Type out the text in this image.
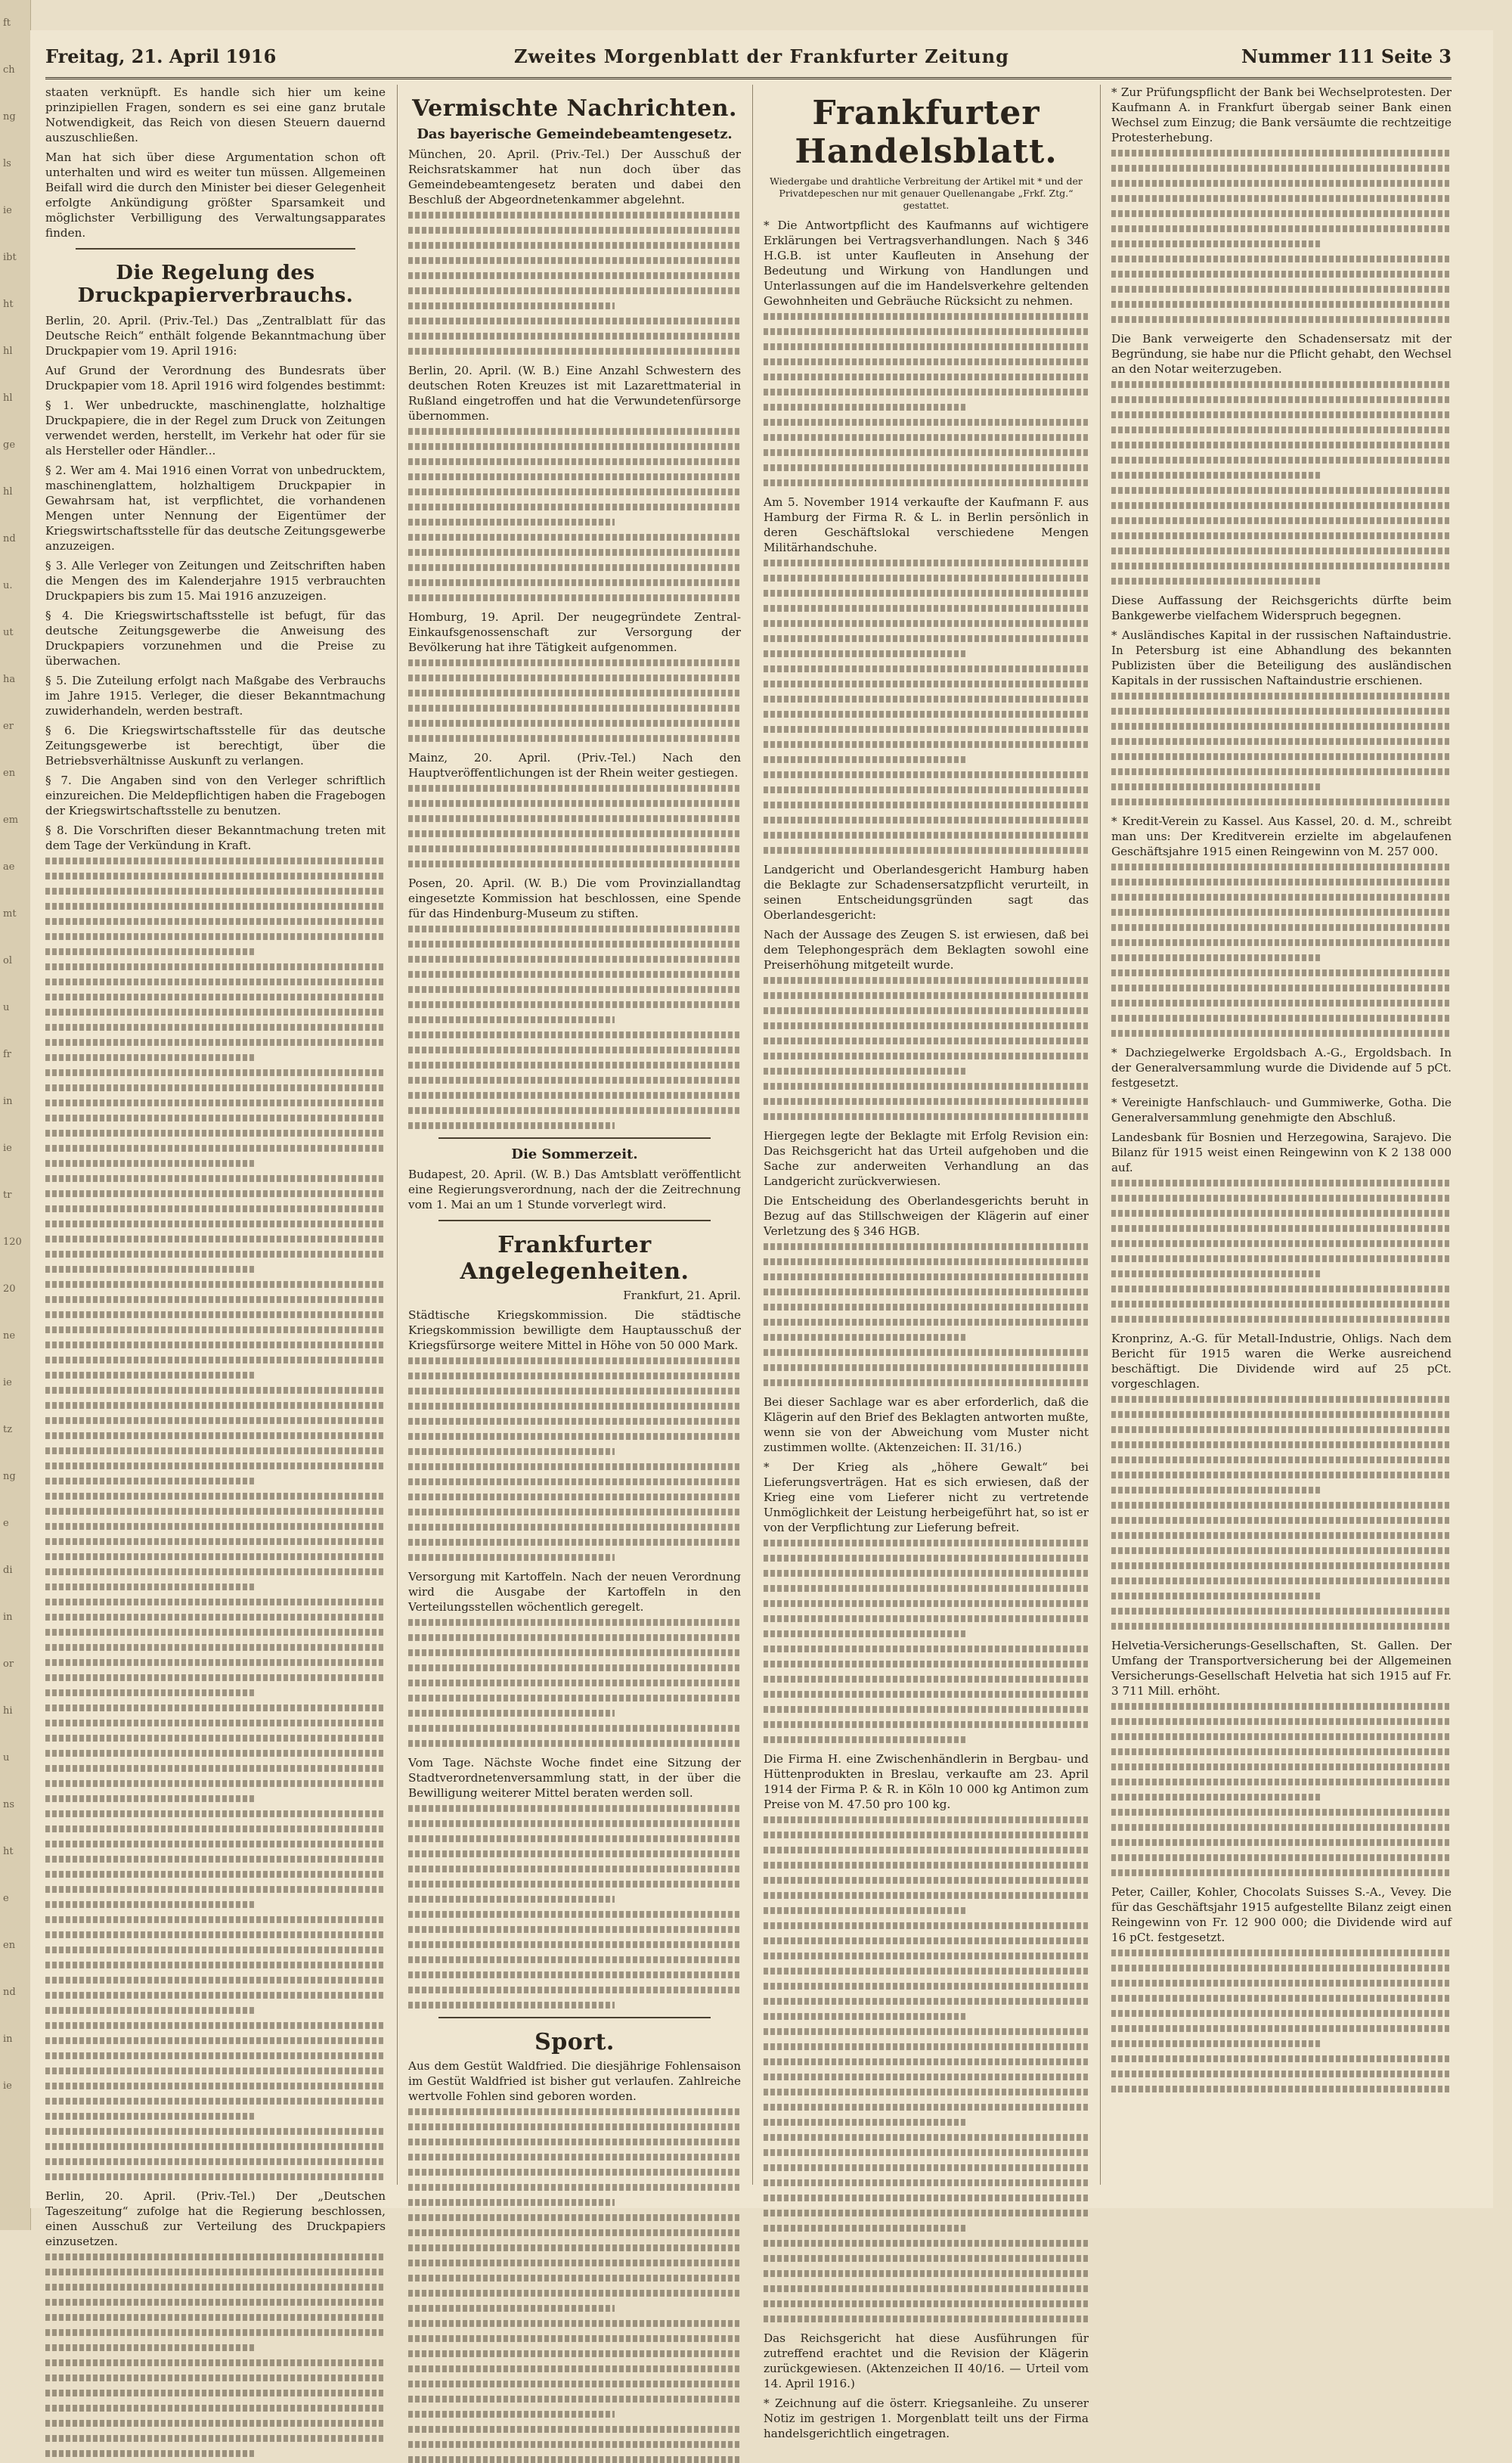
ft
ch
ng
ls
ie
ibt
ht
hl
hl
ge
hl
nd
u.
ut
ha
er
en
em
ae
mt
ol
u
fr
in
ie
tr
120
20
ne
ie
tz
ng
e
di
in
or
hi
u
ns
ht
e
en
nd
in
ie
Freitag, 21. April 1916	Zweites Morgenblatt der Frankfurter Zeitung	Nummer 111 Seite 3

staaten verknüpft. Es handle sich hier um keine prinzipiellen Fragen, sondern es sei eine ganz brutale Notwendigkeit, das Reich von diesen Steuern dauernd auszuschließen.

Man hat sich über diese Argumentation schon oft unterhalten und wird es weiter tun müssen. Allgemeinen Beifall wird die durch den Minister bei dieser Gelegenheit erfolgte Ankündigung größter Sparsamkeit und möglichster Verbilligung des Verwaltungsapparates finden.

Die Regelung des Druckpapierverbrauchs.

Berlin, 20. April. (Priv.-Tel.) Das „Zentralblatt für das Deutsche Reich“ enthält folgende Bekanntmachung über Druckpapier vom 19. April 1916:

Auf Grund der Verordnung des Bundesrats über Druckpapier vom 18. April 1916 wird folgendes bestimmt:

§ 1. Wer unbedruckte, maschinenglatte, holzhaltige Druckpapiere, die in der Regel zum Druck von Zeitungen verwendet werden, herstellt, im Verkehr hat oder für sie als Hersteller oder Händler...

§ 2. Wer am 4. Mai 1916 einen Vorrat von unbedrucktem, maschinenglattem, holzhaltigem Druckpapier in Gewahrsam hat, ist verpflichtet, die vorhandenen Mengen unter Nennung der Eigentümer der Kriegswirtschaftsstelle für das deutsche Zeitungsgewerbe anzuzeigen.

§ 3. Alle Verleger von Zeitungen und Zeitschriften haben die Mengen des im Kalenderjahre 1915 verbrauchten Druckpapiers bis zum 15. Mai 1916 anzuzeigen.

§ 4. Die Kriegswirtschaftsstelle ist befugt, für das deutsche Zeitungsgewerbe die Anweisung des Druckpapiers vorzunehmen und die Preise zu überwachen.

§ 5. Die Zuteilung erfolgt nach Maßgabe des Verbrauchs im Jahre 1915. Verleger, die dieser Bekanntmachung zuwiderhandeln, werden bestraft.

§ 6. Die Kriegswirtschaftsstelle für das deutsche Zeitungsgewerbe ist berechtigt, über die Betriebsverhältnisse Auskunft zu verlangen.

§ 7. Die Angaben sind von den Verleger schriftlich einzureichen. Die Meldepflichtigen haben die Fragebogen der Kriegswirtschaftsstelle zu benutzen.

§ 8. Die Vorschriften dieser Bekanntmachung treten mit dem Tage der Verkündung in Kraft.

Berlin, 20. April. (Priv.-Tel.) Der „Deutschen Tageszeitung“ zufolge hat die Regierung beschlossen, einen Ausschuß zur Verteilung des Druckpapiers einzusetzen.

Vermischte Nachrichten.
Das bayerische Gemeindebeamtengesetz.

München, 20. April. (Priv.-Tel.) Der Ausschuß der Reichsratskammer hat nun doch über das Gemeindebeamtengesetz beraten und dabei den Beschluß der Abgeordnetenkammer abgelehnt.

Berlin, 20. April. (W. B.) Eine Anzahl Schwestern des deutschen Roten Kreuzes ist mit Lazarettmaterial in Rußland eingetroffen und hat die Verwundetenfürsorge übernommen.

Homburg, 19. April. Der neugegründete Zentral-Einkaufsgenossenschaft zur Versorgung der Bevölkerung hat ihre Tätigkeit aufgenommen.

Mainz, 20. April. (Priv.-Tel.) Nach den Hauptveröffentlichungen ist der Rhein weiter gestiegen.

Posen, 20. April. (W. B.) Die vom Provinziallandtag eingesetzte Kommission hat beschlossen, eine Spende für das Hindenburg-Museum zu stiften.

Die Sommerzeit.

Budapest, 20. April. (W. B.) Das Amtsblatt veröffentlicht eine Regierungsverordnung, nach der die Zeitrechnung vom 1. Mai an um 1 Stunde vorverlegt wird.

Frankfurter Angelegenheiten.

Frankfurt, 21. April.

Städtische Kriegskommission. Die städtische Kriegskommission bewilligte dem Hauptausschuß der Kriegsfürsorge weitere Mittel in Höhe von 50 000 Mark.

Versorgung mit Kartoffeln. Nach der neuen Verordnung wird die Ausgabe der Kartoffeln in den Verteilungsstellen wöchentlich geregelt.

Vom Tage. Nächste Woche findet eine Sitzung der Stadtverordnetenversammlung statt, in der über die Bewilligung weiterer Mittel beraten werden soll.

Sport.

Aus dem Gestüt Waldfried. Die diesjährige Fohlensaison im Gestüt Waldfried ist bisher gut verlaufen. Zahlreiche wertvolle Fohlen sind geboren worden.

Frankfurter Handelsblatt.

Wiedergabe und drahtliche Verbreitung der Artikel mit * und der Privatdepeschen nur mit genauer Quellenangabe „Frkf. Ztg.“ gestattet.

* Die Antwortpflicht des Kaufmanns auf wichtigere Erklärungen bei Vertragsverhandlungen. Nach § 346 H.G.B. ist unter Kaufleuten in Ansehung der Bedeutung und Wirkung von Handlungen und Unterlassungen auf die im Handelsverkehre geltenden Gewohnheiten und Gebräuche Rücksicht zu nehmen.

Am 5. November 1914 verkaufte der Kaufmann F. aus Hamburg der Firma R. & L. in Berlin persönlich in deren Geschäftslokal verschiedene Mengen Militärhandschuhe.

Landgericht und Oberlandesgericht Hamburg haben die Beklagte zur Schadensersatzpflicht verurteilt, in seinen Entscheidungsgründen sagt das Oberlandesgericht:

Nach der Aussage des Zeugen S. ist erwiesen, daß bei dem Telephongespräch dem Beklagten sowohl eine Preiserhöhung mitgeteilt wurde.

Hiergegen legte der Beklagte mit Erfolg Revision ein: Das Reichsgericht hat das Urteil aufgehoben und die Sache zur anderweiten Verhandlung an das Landgericht zurückverwiesen.

Die Entscheidung des Oberlandesgerichts beruht in Bezug auf das Stillschweigen der Klägerin auf einer Verletzung des § 346 HGB.

Bei dieser Sachlage war es aber erforderlich, daß die Klägerin auf den Brief des Beklagten antworten mußte, wenn sie von der Abweichung vom Muster nicht zustimmen wollte. (Aktenzeichen: II. 31/16.)

* Der Krieg als „höhere Gewalt“ bei Lieferungsverträgen. Hat es sich erwiesen, daß der Krieg eine vom Lieferer nicht zu vertretende Unmöglichkeit der Leistung herbeigeführt hat, so ist er von der Verpflichtung zur Lieferung befreit.

Die Firma H. eine Zwischenhändlerin in Bergbau- und Hüttenprodukten in Breslau, verkaufte am 23. April 1914 der Firma P. & R. in Köln 10 000 kg Antimon zum Preise von M. 47.50 pro 100 kg.

Das Reichsgericht hat diese Ausführungen für zutreffend erachtet und die Revision der Klägerin zurückgewiesen. (Aktenzeichen II 40/16. — Urteil vom 14. April 1916.)

* Zeichnung auf die österr. Kriegsanleihe. Zu unserer Notiz im gestrigen 1. Morgenblatt teilt uns der Firma handelsgerichtlich eingetragen.

* Zur Prüfungspflicht der Bank bei Wechselprotesten. Der Kaufmann A. in Frankfurt übergab seiner Bank einen Wechsel zum Einzug; die Bank versäumte die rechtzeitige Protesterhebung.

Die Bank verweigerte den Schadensersatz mit der Begründung, sie habe nur die Pflicht gehabt, den Wechsel an den Notar weiterzugeben.

Diese Auffassung der Reichsgerichts dürfte beim Bankgewerbe vielfachem Widerspruch begegnen.

* Ausländisches Kapital in der russischen Naftaindustrie. In Petersburg ist eine Abhandlung des bekannten Publizisten über die Beteiligung des ausländischen Kapitals in der russischen Naftaindustrie erschienen.

* Kredit-Verein zu Kassel. Aus Kassel, 20. d. M., schreibt man uns: Der Kreditverein erzielte im abgelaufenen Geschäftsjahre 1915 einen Reingewinn von M. 257 000.

* Dachziegelwerke Ergoldsbach A.-G., Ergoldsbach. In der Generalversammlung wurde die Dividende auf 5 pCt. festgesetzt.

* Vereinigte Hanfschlauch- und Gummiwerke, Gotha. Die Generalversammlung genehmigte den Abschluß.

Landesbank für Bosnien und Herzegowina, Sarajevo. Die Bilanz für 1915 weist einen Reingewinn von K 2 138 000 auf.

Kronprinz, A.-G. für Metall-Industrie, Ohligs. Nach dem Bericht für 1915 waren die Werke ausreichend beschäftigt. Die Dividende wird auf 25 pCt. vorgeschlagen.

Helvetia-Versicherungs-Gesellschaften, St. Gallen. Der Umfang der Transportversicherung bei der Allgemeinen Versicherungs-Gesellschaft Helvetia hat sich 1915 auf Fr. 3 711 Mill. erhöht.

Peter, Cailler, Kohler, Chocolats Suisses S.-A., Vevey. Die für das Geschäftsjahr 1915 aufgestellte Bilanz zeigt einen Reingewinn von Fr. 12 900 000; die Dividende wird auf 16 pCt. festgesetzt.
